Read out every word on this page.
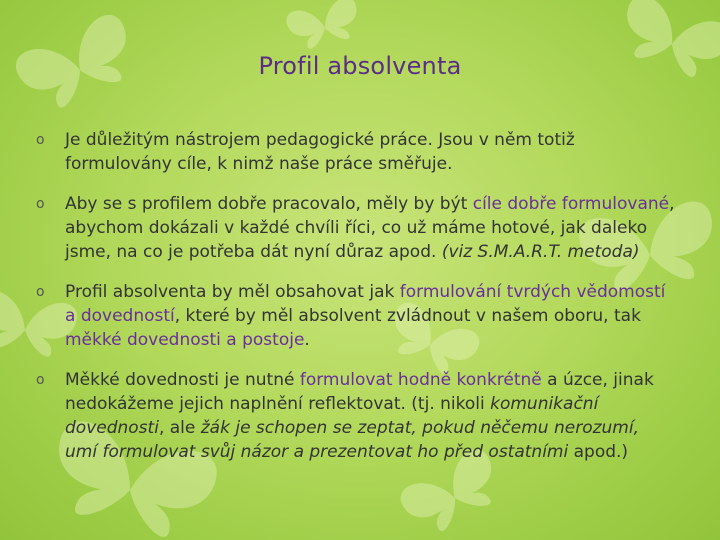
Profil absolventa
o Je důležitým nástrojem pedagogické práce. Jsou v něm totiž formulovány cíle, k nimž naše práce směřuje.
o Aby se s profilem dobře pracovalo, měly by být cíle dobře formulované, abychom dokázali v každé chvíli říci, co už máme hotové, jak daleko jsme, na co je potřeba dát nyní důraz apod. (viz S.M.A.R.T. metoda)
o Profil absolventa by měl obsahovat jak formulování tvrdých vědomostí a dovedností, které by měl absolvent zvládnout v našem oboru, tak měkké dovednosti a postoje.
o Měkké dovednosti je nutné formulovat hodně konkrétně a úzce, jinak nedokážeme jejich naplnění reflektovat. (tj. nikoli komunikační dovednosti, ale žák je schopen se zeptat, pokud něčemu nerozumí, umí formulovat svůj názor a prezentovat ho před ostatními apod.)
